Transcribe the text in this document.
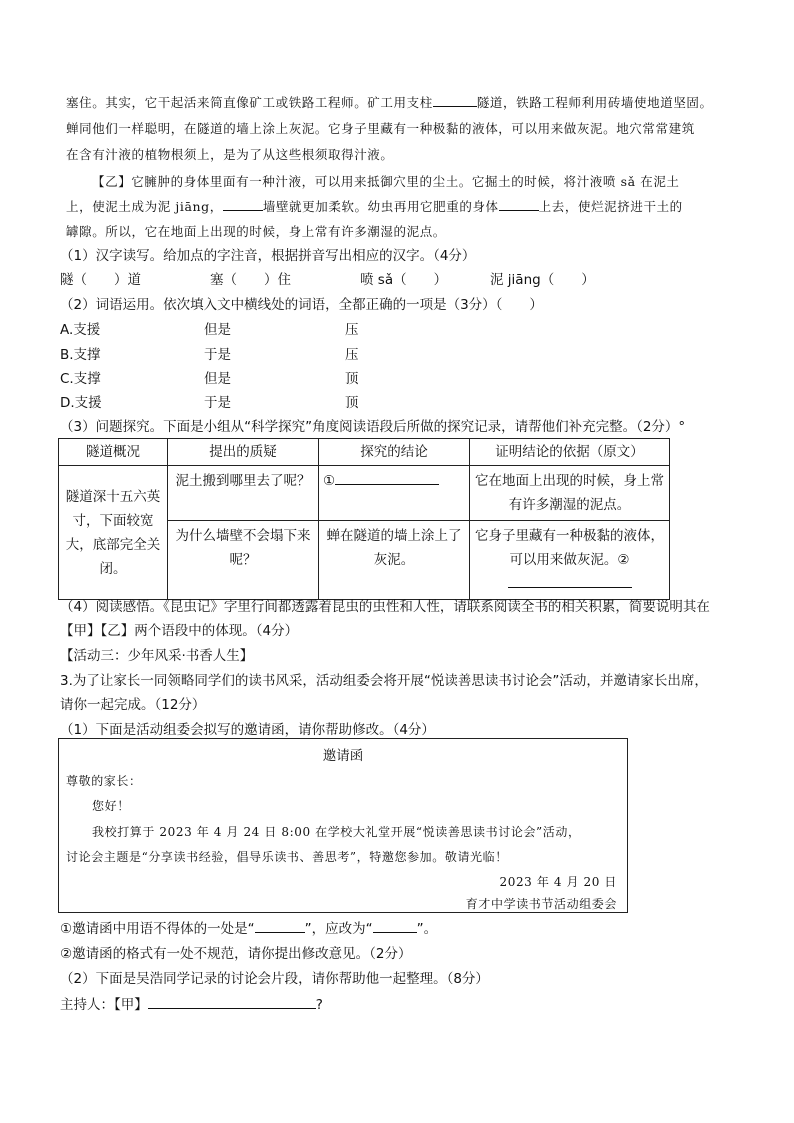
塞住。其实，它干起活来简直像矿工或铁路工程师。矿工用支柱	隧道，铁路工程师利用砖墙使地道坚固。
蝉同他们一样聪明，在隧道的墙上涂上灰泥。它身子里藏有一种极黏的液体，可以用来做灰泥。地穴常常建筑
在含有汁液的植物根须上，是为了从这些根须取得汁液。
【乙】它臃肿的身体里面有一种汁液，可以用来抵御穴里的尘土。它掘土的时候，将汁液喷 sǎ 在泥土
上，使泥土成为泥 jiāng，	墙壁就更加柔软。幼虫再用它肥重的身体	上去，使烂泥挤进干土的
罅隙。所以，它在地面上出现的时候，身上常有许多潮湿的泥点。
（1）汉字读写。给加点的字注音，根据拼音写出相应的汉字。（4分）
隧（　　）道	塞（　　）住	喷 sǎ（　　）	泥 jiāng（　　）
（2）词语运用。依次填入文中横线处的词语，全都正确的一项是（3分）（　　）
A.支援	但是	压
B.支撑	于是	压
C.支撑	但是	顶
D.支援	于是	顶
（3）问题探究。下面是小组从“科学探究”角度阅读语段后所做的探究记录，请帮他们补充完整。（2分）°
隧道概况	提出的质疑	探究的结论	证明结论的依据（原文）
隧道深十五六英寸，下面较宽大，底部完全关闭。	泥土搬到哪里去了呢？	①	它在地面上出现的时候，身上常有许多潮湿的泥点。
	为什么墙壁不会塌下来呢？	蝉在隧道的墙上涂上了灰泥。	它身子里藏有一种极黏的液体，可以用来做灰泥。②

（4）阅读感悟。《昆虫记》字里行间都透露着昆虫的虫性和人性，请联系阅读全书的相关积累，简要说明其在
【甲】【乙】两个语段中的体现。（4分）
【活动三：少年风采·书香人生】
3.为了让家长一同领略同学们的读书风采，活动组委会将开展“悦读善思读书讨论会”活动，并邀请家长出席，
请你一起完成。（12分）
（1）下面是活动组委会拟写的邀请函，请你帮助修改。（4分）
邀请函
尊敬的家长：
您好！
我校打算于 2023 年 4 月 24 日 8:00 在学校大礼堂开展“悦读善思读书讨论会”活动，
讨论会主题是“分享读书经验，倡导乐读书、善思考”，特邀您参加。敬请光临！
2023 年 4 月 20 日
育才中学读书节活动组委会
①邀请函中用语不得体的一处是“	”，应改为“	”。
②邀请函的格式有一处不规范，请你提出修改意见。（2分）
（2）下面是吴浩同学记录的讨论会片段，请你帮助他一起整理。（8分）
主持人：【甲】	?
